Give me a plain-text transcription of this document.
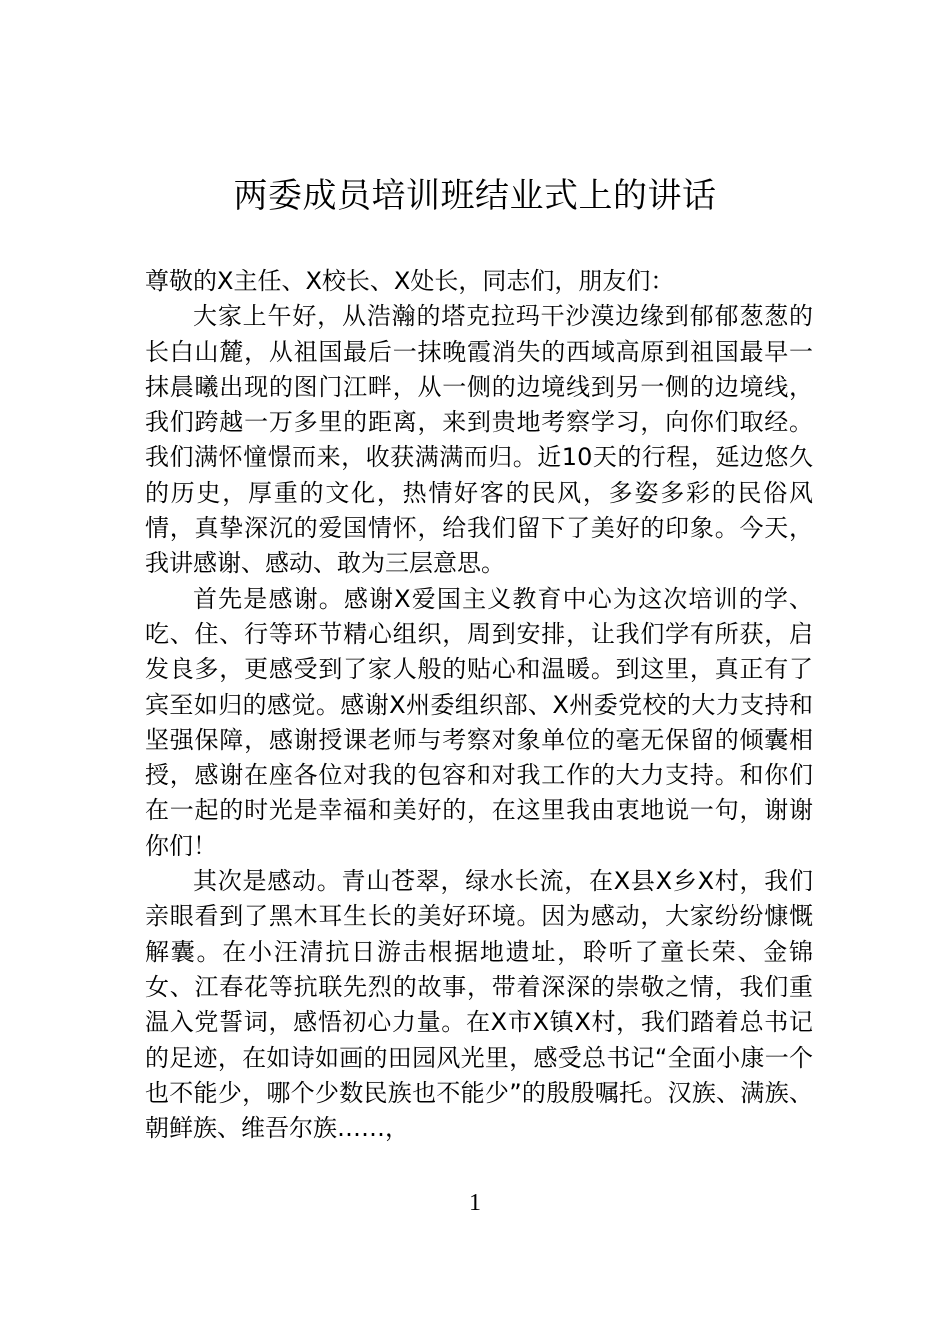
两委成员培训班结业式上的讲话

尊敬的X主任、X校长、X处长，同志们，朋友们：

大家上午好，从浩瀚的塔克拉玛干沙漠边缘到郁郁葱葱的长白山麓，从祖国最后一抹晚霞消失的西域高原到祖国最早一抹晨曦出现的图门江畔，从一侧的边境线到另一侧的边境线，我们跨越一万多里的距离，来到贵地考察学习，向你们取经。我们满怀憧憬而来，收获满满而归。近10天的行程，延边悠久的历史，厚重的文化，热情好客的民风，多姿多彩的民俗风情，真挚深沉的爱国情怀，给我们留下了美好的印象。今天，我讲感谢、感动、敢为三层意思。

首先是感谢。感谢X爱国主义教育中心为这次培训的学、吃、住、行等环节精心组织，周到安排，让我们学有所获，启发良多，更感受到了家人般的贴心和温暖。到这里，真正有了宾至如归的感觉。感谢X州委组织部、X州委党校的大力支持和坚强保障，感谢授课老师与考察对象单位的毫无保留的倾囊相授，感谢在座各位对我的包容和对我工作的大力支持。和你们在一起的时光是幸福和美好的，在这里我由衷地说一句，谢谢你们！

其次是感动。青山苍翠，绿水长流，在X县X乡X村，我们亲眼看到了黑木耳生长的美好环境。因为感动，大家纷纷慷慨解囊。在小汪清抗日游击根据地遗址，聆听了童长荣、金锦女、江春花等抗联先烈的故事，带着深深的崇敬之情，我们重温入党誓词，感悟初心力量。在X市X镇X村，我们踏着总书记的足迹，在如诗如画的田园风光里，感受总书记“全面小康一个也不能少，哪个少数民族也不能少”的殷殷嘱托。汉族、满族、朝鲜族、维吾尔族……，

1
